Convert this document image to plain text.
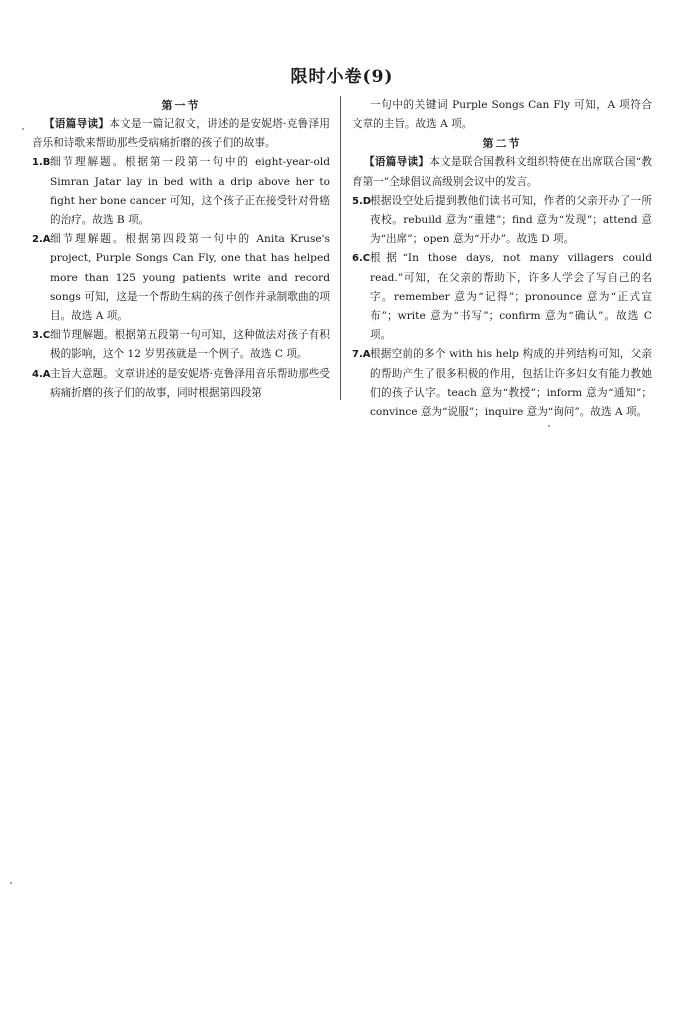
限时小卷(9)

第一节

【语篇导读】本文是一篇记叙文，讲述的是安妮塔·克鲁泽用音乐和诗歌来帮助那些受病痛折磨的孩子们的故事。

1.B 细节理解题。根据第一段第一句中的 eight-year-old Simran Jatar lay in bed with a drip above her to fight her bone cancer 可知，这个孩子正在接受针对骨癌的治疗。故选 B 项。

2.A 细节理解题。根据第四段第一句中的 Anita Kruse's project, Purple Songs Can Fly, one that has helped more than 125 young patients write and record songs 可知，这是一个帮助生病的孩子创作并录制歌曲的项目。故选 A 项。

3.C 细节理解题。根据第五段第一句可知，这种做法对孩子有积极的影响，这个 12 岁男孩就是一个例子。故选 C 项。

4.A 主旨大意题。文章讲述的是安妮塔·克鲁泽用音乐帮助那些受病痛折磨的孩子们的故事，同时根据第四段第

一句中的关键词 Purple Songs Can Fly 可知，A 项符合文章的主旨。故选 A 项。

第二节

【语篇导读】本文是联合国教科文组织特使在出席联合国“教育第一”全球倡议高级别会议中的发言。

5.D
根据设空处后提到教他们读书可知，作者的父亲开办了一所夜校。rebuild 意为“重建”；find 意为“发现”；attend 意为“出席”；open 意为“开办”。故选 D 项。

6.C 根据“In those days, not many villagers could read.”可知，在父亲的帮助下，许多人学会了写自己的名字。remember 意为“记得”；pronounce 意为“正式宣布”；write 意为“书写”；confirm 意为“确认”。故选 C 项。

7.A 根据空前的多个 with his help 构成的并列结构可知，父亲的帮助产生了很多积极的作用，包括让许多妇女有能力教她们的孩子认字。teach 意为“教授”；inform 意为“通知”；convince 意为“说服”；inquire 意为“询问”。故选 A 项。
